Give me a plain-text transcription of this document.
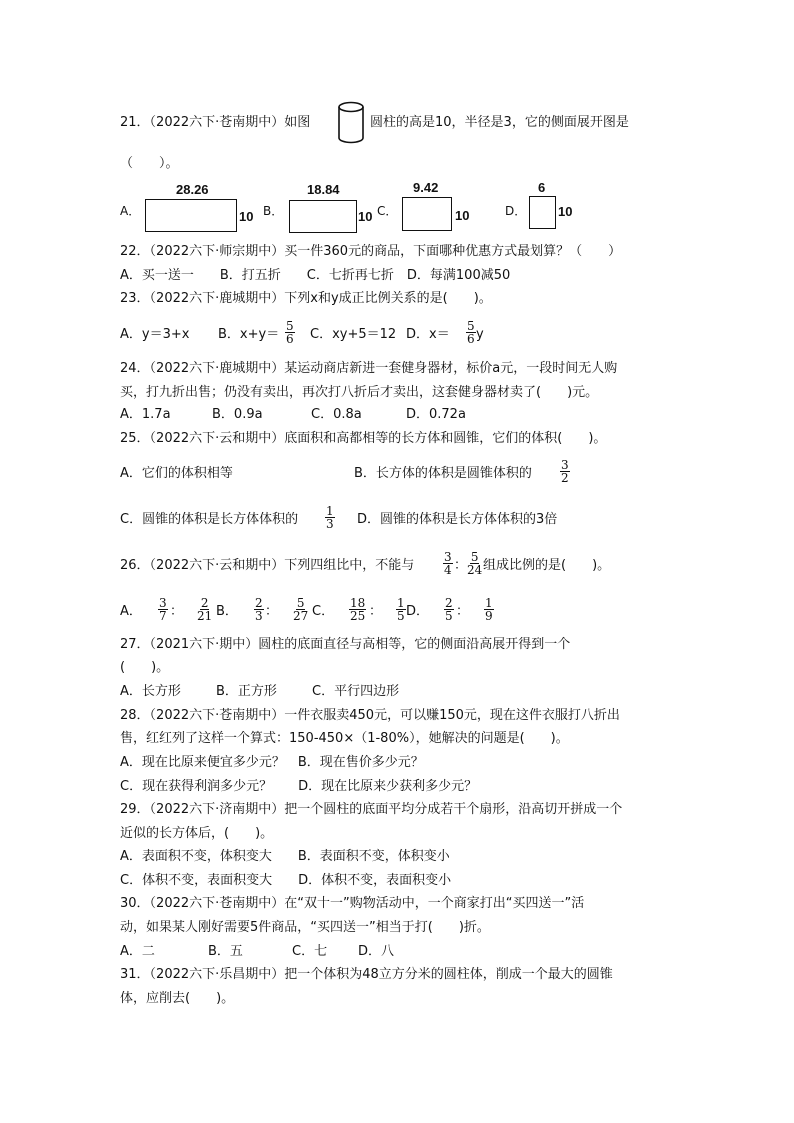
21．（2022六下·苍南期中）如图	圆柱的高是10，半径是3，它的侧面展开图是
（　　）。
A．
28.26
10 B．
18.84
10 C．
9.42
10	D．
6
10
22．（2022六下·师宗期中）买一件360元的商品，下面哪种优惠方式最划算？（　　）
A．买一送一　　B．打五折　　C．七折再七折　D．每满100减50
23．（2022六下·鹿城期中）下列x和y成正比例关系的是(　　)。
A．y＝3+x B．$x+y= \frac{5}{6}$ C．xy+5＝12 D．$x= \frac{5}{6}$ y
24．（2022六下·鹿城期中）某运动商店新进一套健身器材，标价a元，一段时间无人购
买，打九折出售；仍没有卖出，再次打八折后才卖出，这套健身器材卖了(　　)元。
A．1.7a	B．0.9a	C．0.8a	D．0.72a
25．（2022六下·云和期中）底面积和高都相等的长方体和圆锥，它们的体积(　　)。
A．它们的体积相等	B．长方体的体积是圆锥体积的 $\frac{3}{2}$
C．圆锥的体积是长方体体积的 $\frac{1}{3}$ D．圆锥的体积是长方体体积的3倍
26．（2022六下·云和期中）下列四组比中，不能与 $\frac{3}{4}$ ：
$\frac{5}{24}$ 组成比例的是(　　)。
A． $\frac{3}{7}$ ： $\frac{2}{21}$ B． $\frac{2}{3}$ ： $\frac{5}{27}$ C． $\frac{18}{25}$ ： $\frac{1}{5}$ D． $\frac{2}{5}$ ： $\frac{1}{9}$
27．（2021六下·期中）圆柱的底面直径与高相等，它的侧面沿高展开得到一个
(　　)。
A．长方形	B．正方形	C．平行四边形
28．（2022六下·苍南期中）一件衣服卖450元，可以赚150元，现在这件衣服打八折出
售，红红列了这样一个算式：150-450×（1-80%），她解决的问题是(　　)。
A．现在比原来便宜多少元？　B．现在售价多少元？
C．现在获得利润多少元？　　D．现在比原来少获利多少元？
29．（2022六下·济南期中）把一个圆柱的底面平均分成若干个扇形，沿高切开拼成一个
近似的长方体后，(　　)。
A．表面积不变，体积变大　　B．表面积不变，体积变小
C．体积不变，表面积变大　　D．体积不变，表面积变小
30．（2022六下·苍南期中）在“双十一”购物活动中，一个商家打出“买四送一”活
动，如果某人刚好需要5件商品，“买四送一”相当于打(　　)折。
A．二	B．五	C．七 D．八
31．（2022六下·乐昌期中）把一个体积为48立方分米的圆柱体，削成一个最大的圆锥
体，应削去(　　)。
